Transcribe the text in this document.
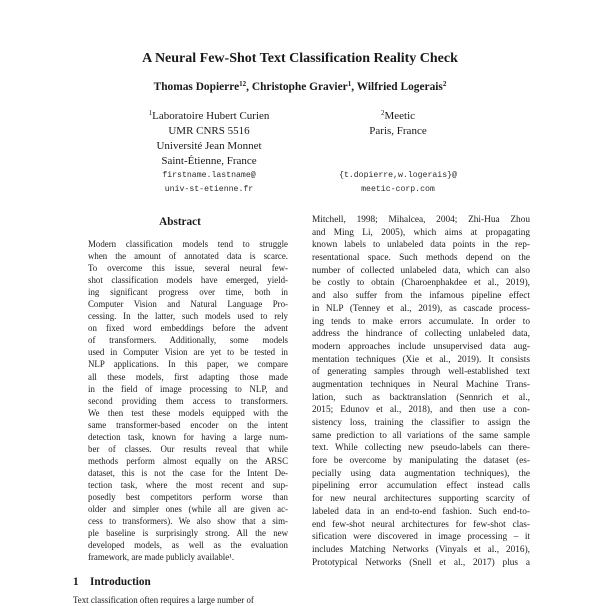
A Neural Few-Shot Text Classification Reality Check
Thomas Dopierre$^{12}$, Christophe Gravier$^1$, Wilfried Logerais$^2$
$^1$Laboratoire Hubert Curien
UMR CNRS 5516
Université Jean Monnet
Saint-Étienne, France
$^2$Meetic
Paris, France
firstname.lastname@
univ-st-etienne.fr
{t.dopierre,w.logerais}@
meetic-corp.com
Abstract
Modern classification models tend to struggle
when the amount of annotated data is scarce.
To overcome this issue, several neural few-
shot classification models have emerged, yield-
ing significant progress over time, both in
Computer Vision and Natural Language Pro-
cessing. In the latter, such models used to rely
on fixed word embeddings before the advent
of transformers. Additionally, some models
used in Computer Vision are yet to be tested in
NLP applications. In this paper, we compare
all these models, first adapting those made
in the field of image processing to NLP, and
second providing them access to transformers.
We then test these models equipped with the
same transformer-based encoder on the intent
detection task, known for having a large num-
ber of classes. Our results reveal that while
methods perform almost equally on the ARSC
dataset, this is not the case for the Intent De-
tection task, where the most recent and sup-
posedly best competitors perform worse than
older and simpler ones (while all are given ac-
cess to transformers). We also show that a sim-
ple baseline is surprisingly strong. All the new
developed models, as well as the evaluation
framework, are made publicly available¹.
1 Introduction
Text classification often requires a large number of
Mitchell, 1998; Mihalcea, 2004; Zhi-Hua Zhou
and Ming Li, 2005), which aims at propagating
known labels to unlabeled data points in the rep-
resentational space. Such methods depend on the
number of collected unlabeled data, which can also
be costly to obtain (Charoenphakdee et al., 2019),
and also suffer from the infamous pipeline effect
in NLP (Tenney et al., 2019), as cascade process-
ing tends to make errors accumulate. In order to
address the hindrance of collecting unlabeled data,
modern approaches include unsupervised data aug-
mentation techniques (Xie et al., 2019). It consists
of generating samples through well-established text
augmentation techniques in Neural Machine Trans-
lation, such as backtranslation (Sennrich et al.,
2015; Edunov et al., 2018), and then use a con-
sistency loss, training the classifier to assign the
same prediction to all variations of the same sample
text. While collecting new pseudo-labels can there-
fore be overcome by manipulating the dataset (es-
pecially using data augmentation techniques), the
pipelining error accumulation effect instead calls
for new neural architectures supporting scarcity of
labeled data in an end-to-end fashion. Such end-to-
end few-shot neural architectures for few-shot clas-
sification were discovered in image processing – it
includes Matching Networks (Vinyals et al., 2016),
Prototypical Networks (Snell et al., 2017) plus a
